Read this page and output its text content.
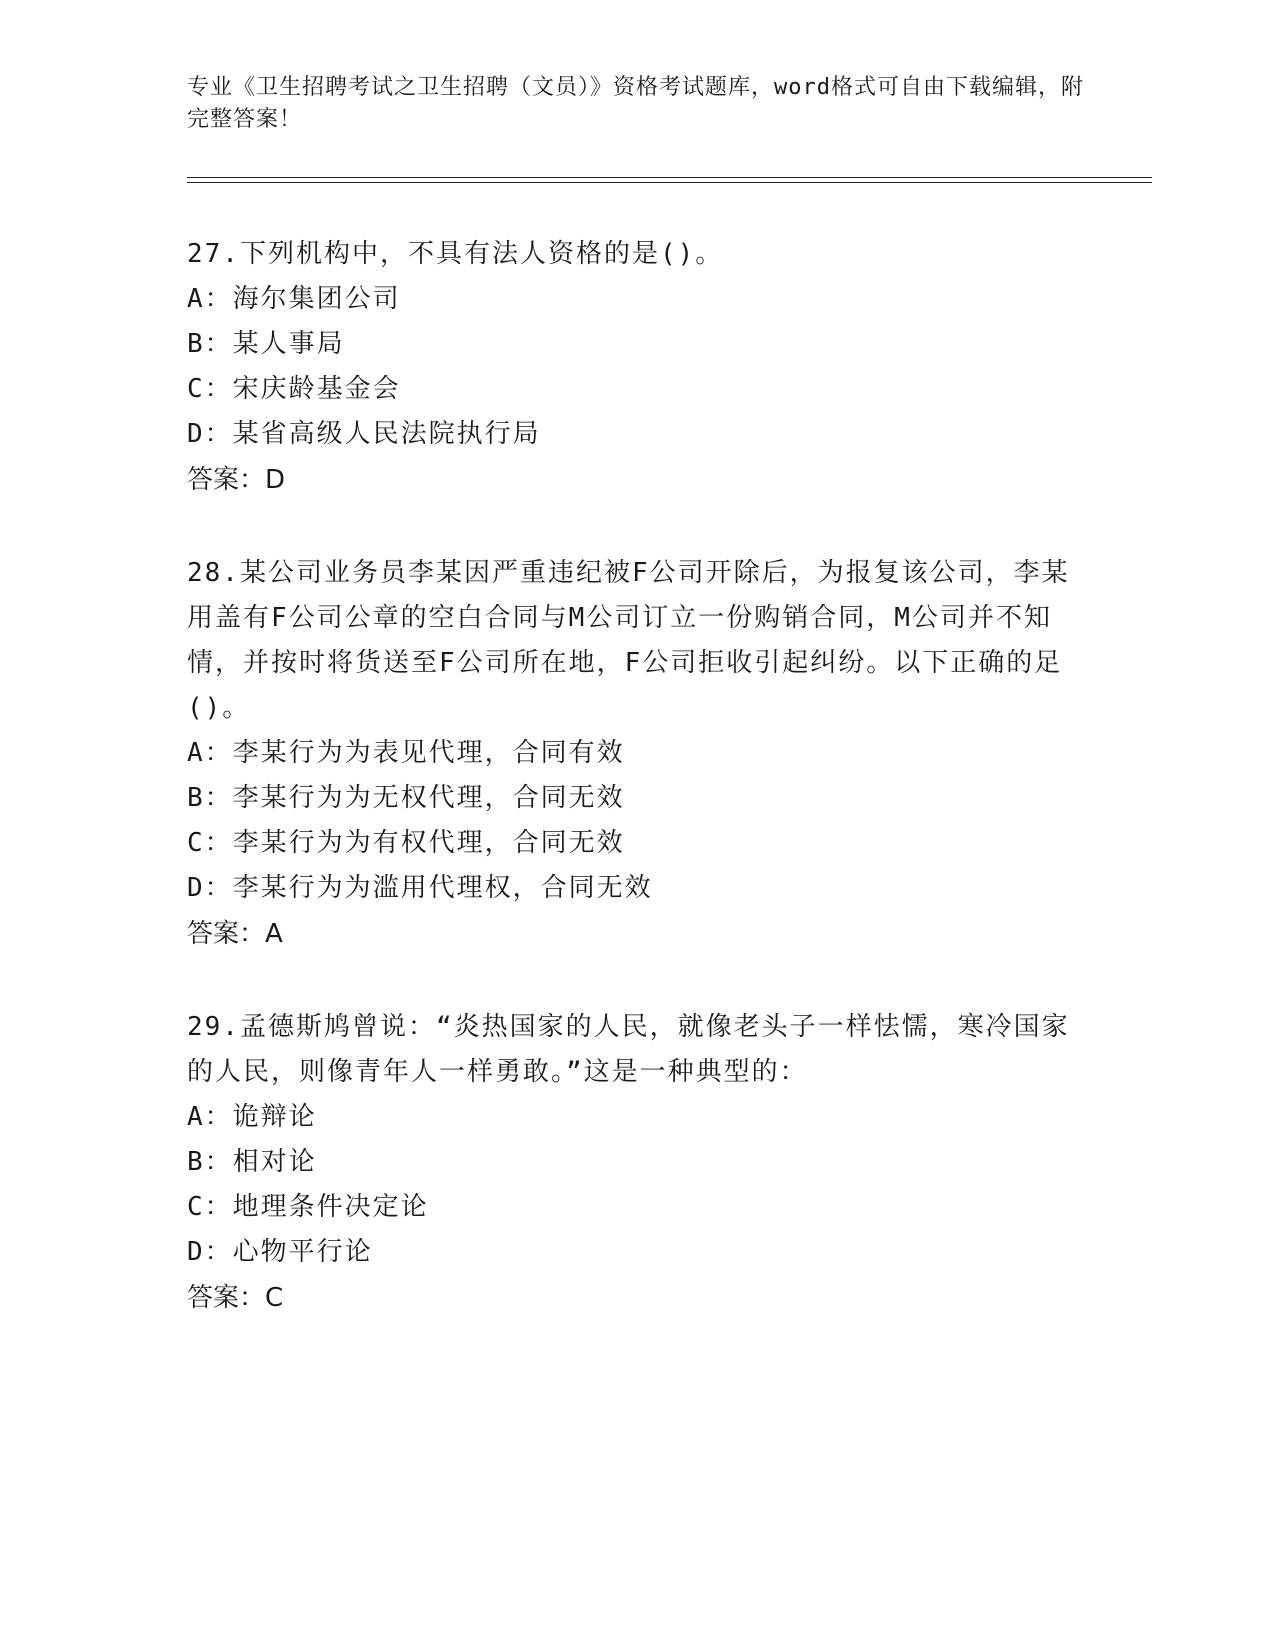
专业《卫生招聘考试之卫生招聘（文员）》资格考试题库，word格式可自由下载编辑，附完整答案！

27.下列机构中，不具有法人资格的是()。

A：海尔集团公司

B：某人事局

C：宋庆龄基金会

D：某省高级人民法院执行局

答案：D

28.某公司业务员李某因严重违纪被F公司开除后，为报复该公司，李某用盖有F公司公章的空白合同与M公司订立一份购销合同，M公司并不知情，并按时将货送至F公司所在地，F公司拒收引起纠纷。以下正确的足()。

A：李某行为为表见代理，合同有效

B：李某行为为无权代理，合同无效

C：李某行为为有权代理，合同无效

D：李某行为为滥用代理权，合同无效

答案：A

29.孟德斯鸠曾说：“炎热国家的人民，就像老头子一样怯懦，寒冷国家的人民，则像青年人一样勇敢。”这是一种典型的：

A：诡辩论

B：相对论

C：地理条件决定论

D：心物平行论

答案：C
